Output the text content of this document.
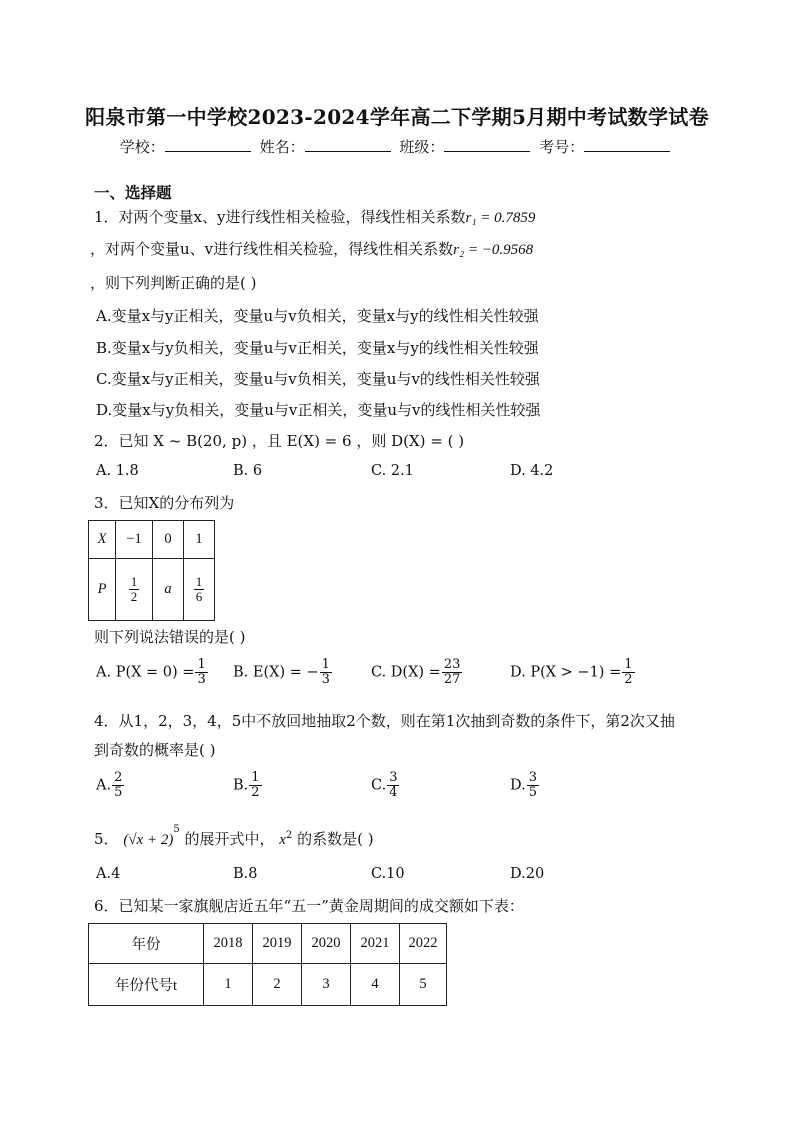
阳泉市第一中学校2023-2024学年高二下学期5月期中考试数学试卷
学校：	姓名：	班级：	考号：
一、选择题
1．对两个变量x、y进行线性相关检验，得线性相关系数r₁ = 0.7859
，对两个变量u、v进行线性相关检验，得线性相关系数r₂ = −0.9568
，则下列判断正确的是( )
A.变量x与y正相关，变量u与v负相关，变量x与y的线性相关性较强
B.变量x与y负相关，变量u与v正相关，变量x与y的线性相关性较强
C.变量x与y正相关，变量u与v负相关，变量u与v的线性相关性较强
D.变量x与y负相关，变量u与v正相关，变量u与v的线性相关性较强
2．已知 X ~ B(20, p) ，且 E(X) = 6 ，则 D(X) = ( )
A. 1.8	B. 6	C. 2.1	D. 4.2
3．已知X的分布列为
X	−1	0	1
P	$\frac{1}{2}$	a	$\frac{1}{6}$
则下列说法错误的是( )
A. $P(X = 0) = \frac{1}{3} B$. E(X) = − $\frac{1}{3}$	C. $D(X) = \frac{23}{27}$	D. $P(X > -1) = \frac{1}{2}$
4．从1，2，3，4，5中不放回地抽取2个数，则在第1次抽到奇数的条件下，第2次又抽
到奇数的概率是( )
A. $\frac{2}{5}$	B. $\frac{1}{2}$	C. $\frac{3}{4}$	D. $\frac{3}{5}$
5． $(√x + 2)^5$ 的展开式中， $x^2$ 的系数是( )
A.4	B.8	C.10	D.20
6．已知某一家旗舰店近五年“五一”黄金周期间的成交额如下表：
年份	2018	2019	2020	2021	2022
年份代号t	1	2	3	4	5
